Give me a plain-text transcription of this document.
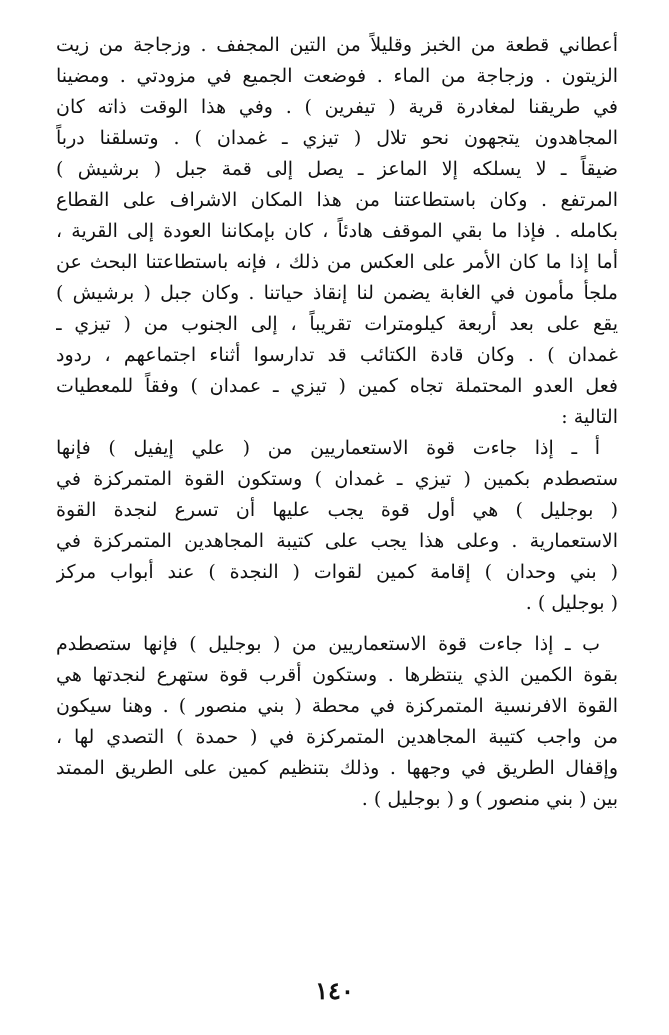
أعطاني قطعة من الخبز وقليلاً من التين المجفف . وزجاجة من زيت
الزيتون . وزجاجة من الماء . فوضعت الجميع في مزودتي . ومضينا
في طريقنا لمغادرة قرية ( تيفرين ) . وفي هذا الوقت ذاته كان
المجاهدون يتجهون نحو تلال ( تيزي ـ غمدان ) . وتسلقنا درباً
ضيقاً ـ لا يسلكه إلا الماعز ـ يصل إلى قمة جبل ( برشيش )
المرتفع . وكان باستطاعتنا من هذا المكان الاشراف على القطاع
بكامله . فإذا ما بقي الموقف هادئاً ، كان بإمكاننا العودة إلى القرية ،
أما إذا ما كان الأمر على العكس من ذلك ، فإنه باستطاعتنا البحث عن
ملجأ مأمون في الغابة يضمن لنا إنقاذ حياتنا . وكان جبل ( برشيش )
يقع على بعد أربعة كيلومترات تقريباً ، إلى الجنوب من ( تيزي ـ
غمدان ) . وكان قادة الكتائب قد تدارسوا أثناء اجتماعهم ، ردود
فعل العدو المحتملة تجاه كمين ( تيزي ـ عمدان ) وفقاً للمعطيات
التالية :
أ ـ إذا جاءت قوة الاستعماريين من ( علي إيفيل ) فإنها
ستصطدم بكمين ( تيزي ـ غمدان ) وستكون القوة المتمركزة في
( بوجليل ) هي أول قوة يجب عليها أن تسرع لنجدة القوة
الاستعمارية . وعلى هذا يجب على كتيبة المجاهدين المتمركزة في
( بني وحدان ) إقامة كمين لقوات ( النجدة ) عند أبواب مركز
( بوجليل ) .
ب ـ إذا جاءت قوة الاستعماريين من ( بوجليل ) فإنها ستصطدم
بقوة الكمين الذي ينتظرها . وستكون أقرب قوة ستهرع لنجدتها هي
القوة الافرنسية المتمركزة في محطة ( بني منصور ) . وهنا سيكون
من واجب كتيبة المجاهدين المتمركزة في ( حمدة ) التصدي لها ،
وإقفال الطريق في وجهها . وذلك بتنظيم كمين على الطريق الممتد
بين ( بني منصور ) و ( بوجليل ) .
١٤٠
